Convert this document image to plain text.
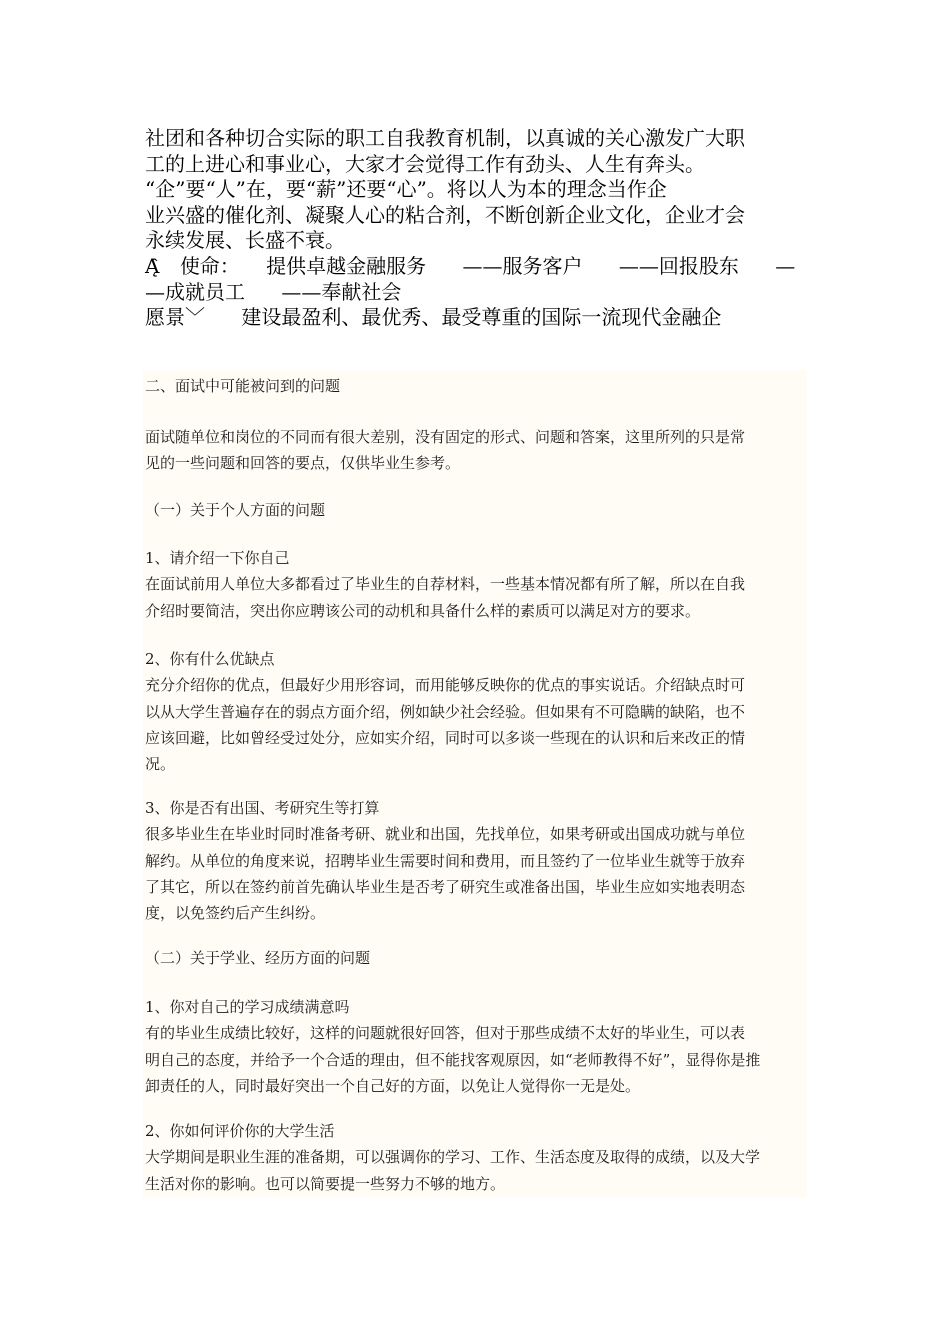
社团和各种切合实际的职工自我教育机制，以真诚的关心激发广大职

工的上进心和事业心，大家才会觉得工作有劲头、人生有奔头。

“企”要“人”在，要“薪”还要“心”。将以人为本的理念当作企

业兴盛的催化剂、凝聚人心的粘合剂，不断创新企业文化，企业才会

永续发展、长盛不衰。

Ą̂ 使命： 提供卓越金融服务 ——服务客户 ——回报股东 —

—成就员工 ——奉献社会

愿景﹀ 建设最盈利、最优秀、最受尊重的国际一流现代金融企

二、面试中可能被问到的问题

面试随单位和岗位的不同而有很大差别，没有固定的形式、问题和答案，这里所列的只是常

见的一些问题和回答的要点，仅供毕业生参考。

（一）关于个人方面的问题

1、请介绍一下你自己

在面试前用人单位大多都看过了毕业生的自荐材料，一些基本情况都有所了解，所以在自我

介绍时要简洁，突出你应聘该公司的动机和具备什么样的素质可以满足对方的要求。

2、你有什么优缺点

充分介绍你的优点，但最好少用形容词，而用能够反映你的优点的事实说话。介绍缺点时可

以从大学生普遍存在的弱点方面介绍，例如缺少社会经验。但如果有不可隐瞒的缺陷，也不

应该回避，比如曾经受过处分，应如实介绍，同时可以多谈一些现在的认识和后来改正的情

况。

3、你是否有出国、考研究生等打算

很多毕业生在毕业时同时准备考研、就业和出国，先找单位，如果考研或出国成功就与单位

解约。从单位的角度来说，招聘毕业生需要时间和费用，而且签约了一位毕业生就等于放弃

了其它，所以在签约前首先确认毕业生是否考了研究生或准备出国，毕业生应如实地表明态

度，以免签约后产生纠纷。

（二）关于学业、经历方面的问题

1、你对自己的学习成绩满意吗

有的毕业生成绩比较好，这样的问题就很好回答，但对于那些成绩不太好的毕业生，可以表

明自己的态度，并给予一个合适的理由，但不能找客观原因，如“老师教得不好”，显得你是推

卸责任的人，同时最好突出一个自己好的方面，以免让人觉得你一无是处。

2、你如何评价你的大学生活

大学期间是职业生涯的准备期，可以强调你的学习、工作、生活态度及取得的成绩，以及大学

生活对你的影响。也可以简要提一些努力不够的地方。
